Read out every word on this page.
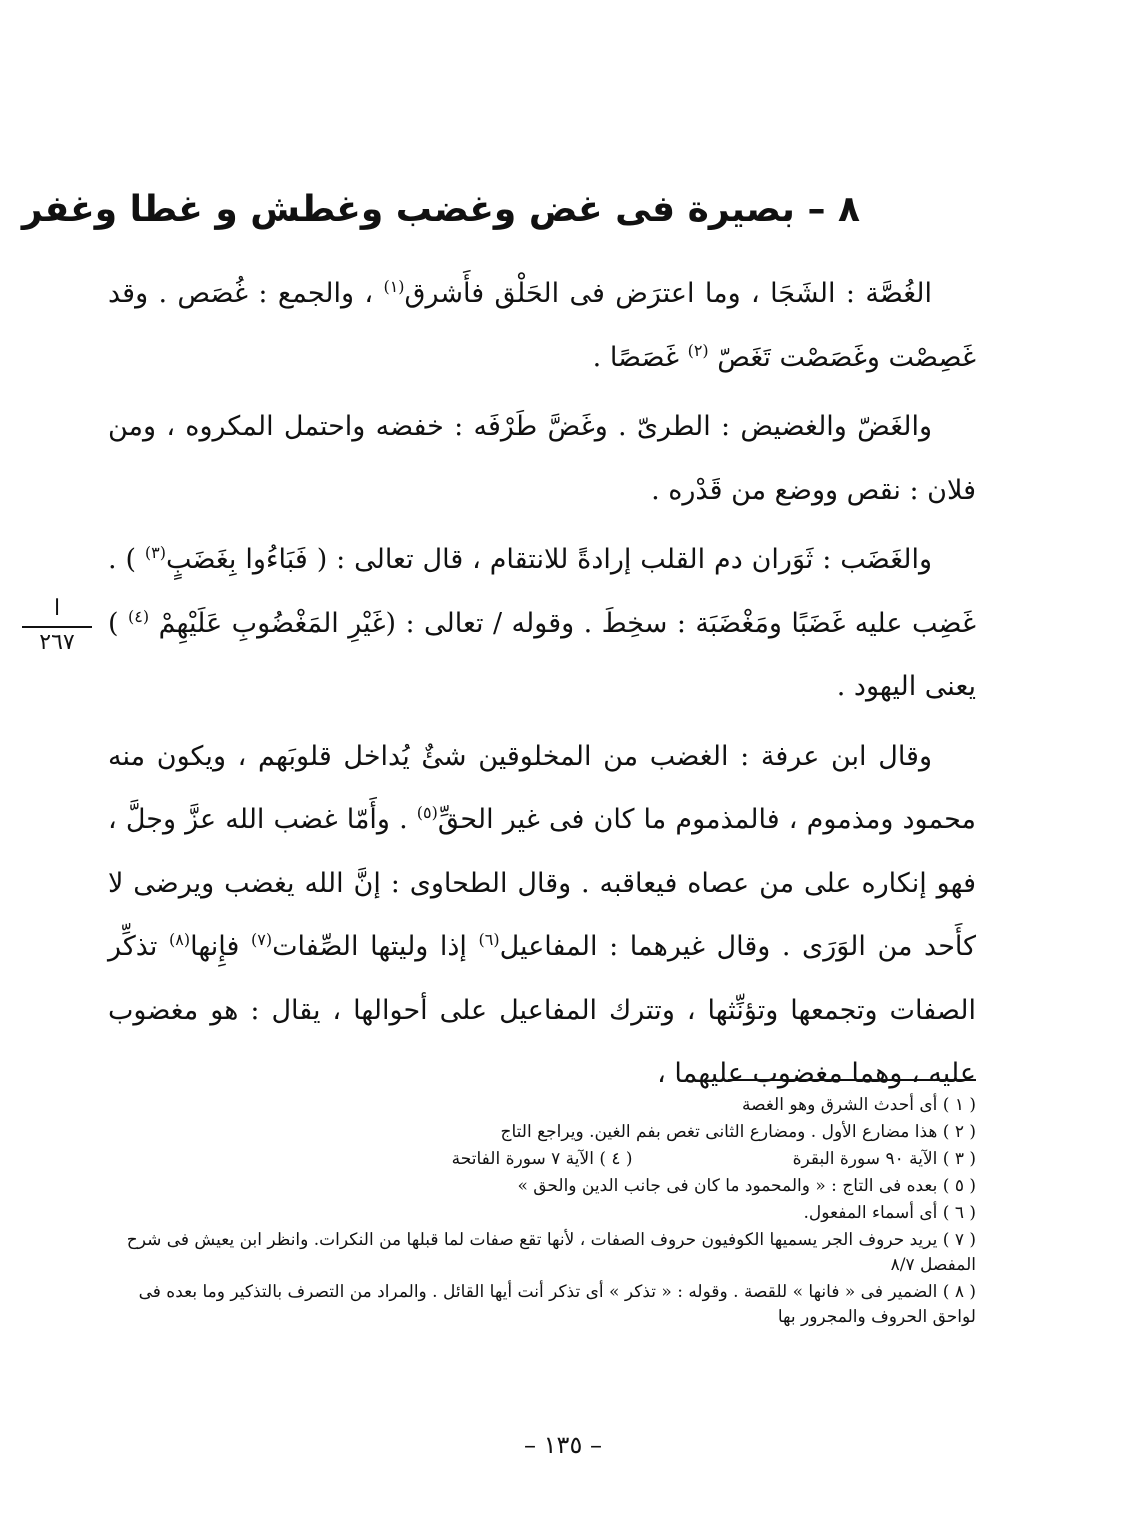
٨ – بصيرة فى غض وغضب وغطش و غطا وغفر

الغُصَّة : الشَجَا ، وما اعترَض فى الحَلْق فأَشرق$^{(١)}$ ، والجمع : غُصَص . وقد غَصِصْت وغَصَصْت تَغَصّ $^{(٢)}$ غَصَصًا .

والغَضّ والغضيض : الطرىّ . وغَضَّ طَرْفَه : خفضه واحتمل المكروه ، ومن فلان : نقص ووضع من قَدْره .

والغَضَب : ثَوَران دم القلب إرادةً للانتقام ، قال تعالى : ( فَبَاءُوا بِغَضَبٍ$^{(٣)}$ ) . غَضِب عليه غَضَبًا ومَغْضَبَة : سخِطَ . وقوله / تعالى : (غَيْرِ المَغْضُوبِ عَلَيْهِمْ $^{(٤)}$ ) يعنى اليهود .

وقال ابن عرفة : الغضب من المخلوقين شئٌ يُداخل قلوبَهم ، ويكون منه محمود ومذموم ، فالمذموم ما كان فى غير الحقِّ$^{(٥)}$ . وأَمّا غضب الله عزَّ وجلَّ ، فهو إنكاره على من عصاه فيعاقبه . وقال الطحاوى : إنَّ الله يغضب ويرضى لا كأَحد من الوَرَى . وقال غيرهما : المفاعيل$^{(٦)}$ إذا وليتها الصِّفات$^{(٧)}$ فإِنها$^{(٨)}$ تذكِّر الصفات وتجمعها وتؤنِّثها ، وتترك المفاعيل على أحوالها ، يقال : هو مغضوب عليه ، وهما مغضوب عليهما ،

ا
٢٦٧
( ١ ) أى أحدث الشرق وهو الغصة
( ٢ ) هذا مضارع الأول . ومضارع الثانى تغص بفم الغين. ويراجع التاج
( ٣ ) الآية ٩٠ سورة البقرة
( ٤ ) الآية ٧ سورة الفاتحة
( ٥ ) بعده فى التاج : « والمحمود ما كان فى جانب الدين والحق »
( ٦ ) أى أسماء المفعول.
( ٧ ) يريد حروف الجر يسميها الكوفيون حروف الصفات ، لأنها تقع صفات لما قبلها من النكرات. وانظر ابن يعيش فى شرح المفصل ٨/٧
( ٨ ) الضمير فى « فانها » للقصة . وقوله : « تذكر » أى تذكر أنت أيها القائل . والمراد من التصرف بالتذكير وما بعده فى لواحق الحروف والمجرور بها
– ١٣٥ –
